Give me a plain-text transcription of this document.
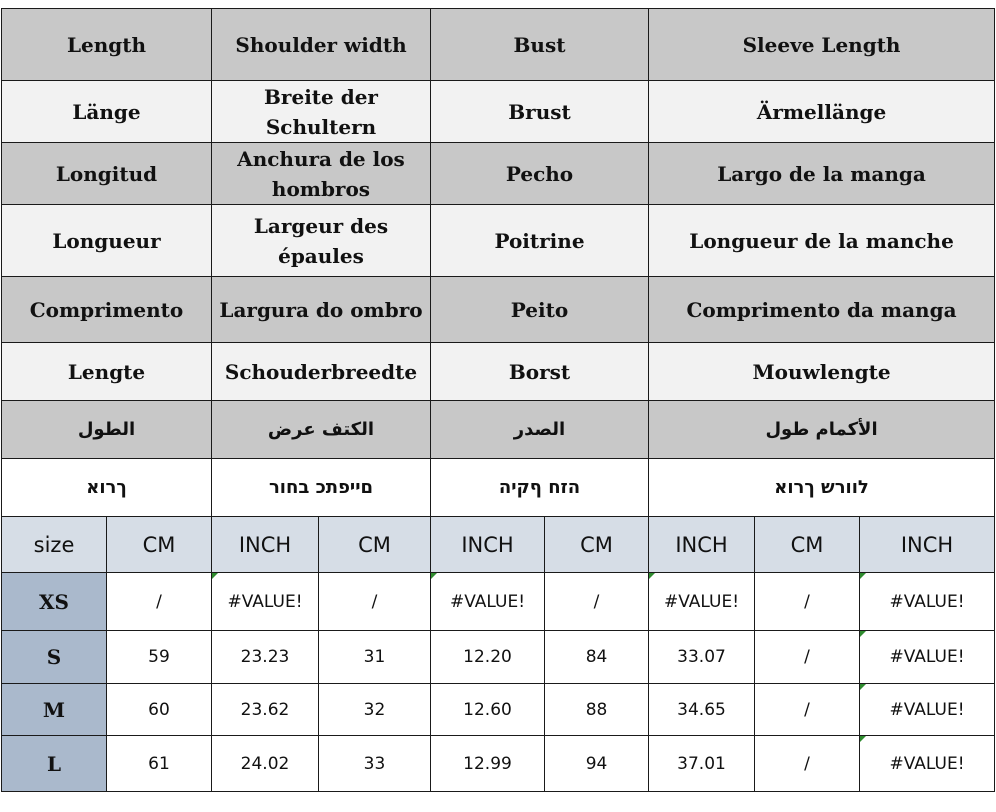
Length		Shoulder width		Bust		Sleeve Length		
Länge		Breite der Schultern		Brust		Ärmellänge		
Longitud		Anchura de los hombros		Pecho		Largo de la manga		
Longueur		Largeur des épaules		Poitrine		Longueur de la manche		
Comprimento		Largura do ombro		Peito		Comprimento da manga		
Lengte		Schouderbreedte		Borst		Mouwlengte		
الطول		الكتف عرض		الصدر		الأكمام طول		
ךרוא		םייפתכ בחור		הזח ףקיה		לוורש ךרוא		
size	CM	INCH	CM	INCH	CM	INCH	CM	INCH
XS	/	#VALUE!	/	#VALUE!	/	#VALUE!	/	#VALUE!
S	59	23.23	31	12.20	84	33.07	/	#VALUE!
M	60	23.62	32	12.60	88	34.65	/	#VALUE!
L	61	24.02	33	12.99	94	37.01	/	#VALUE!
